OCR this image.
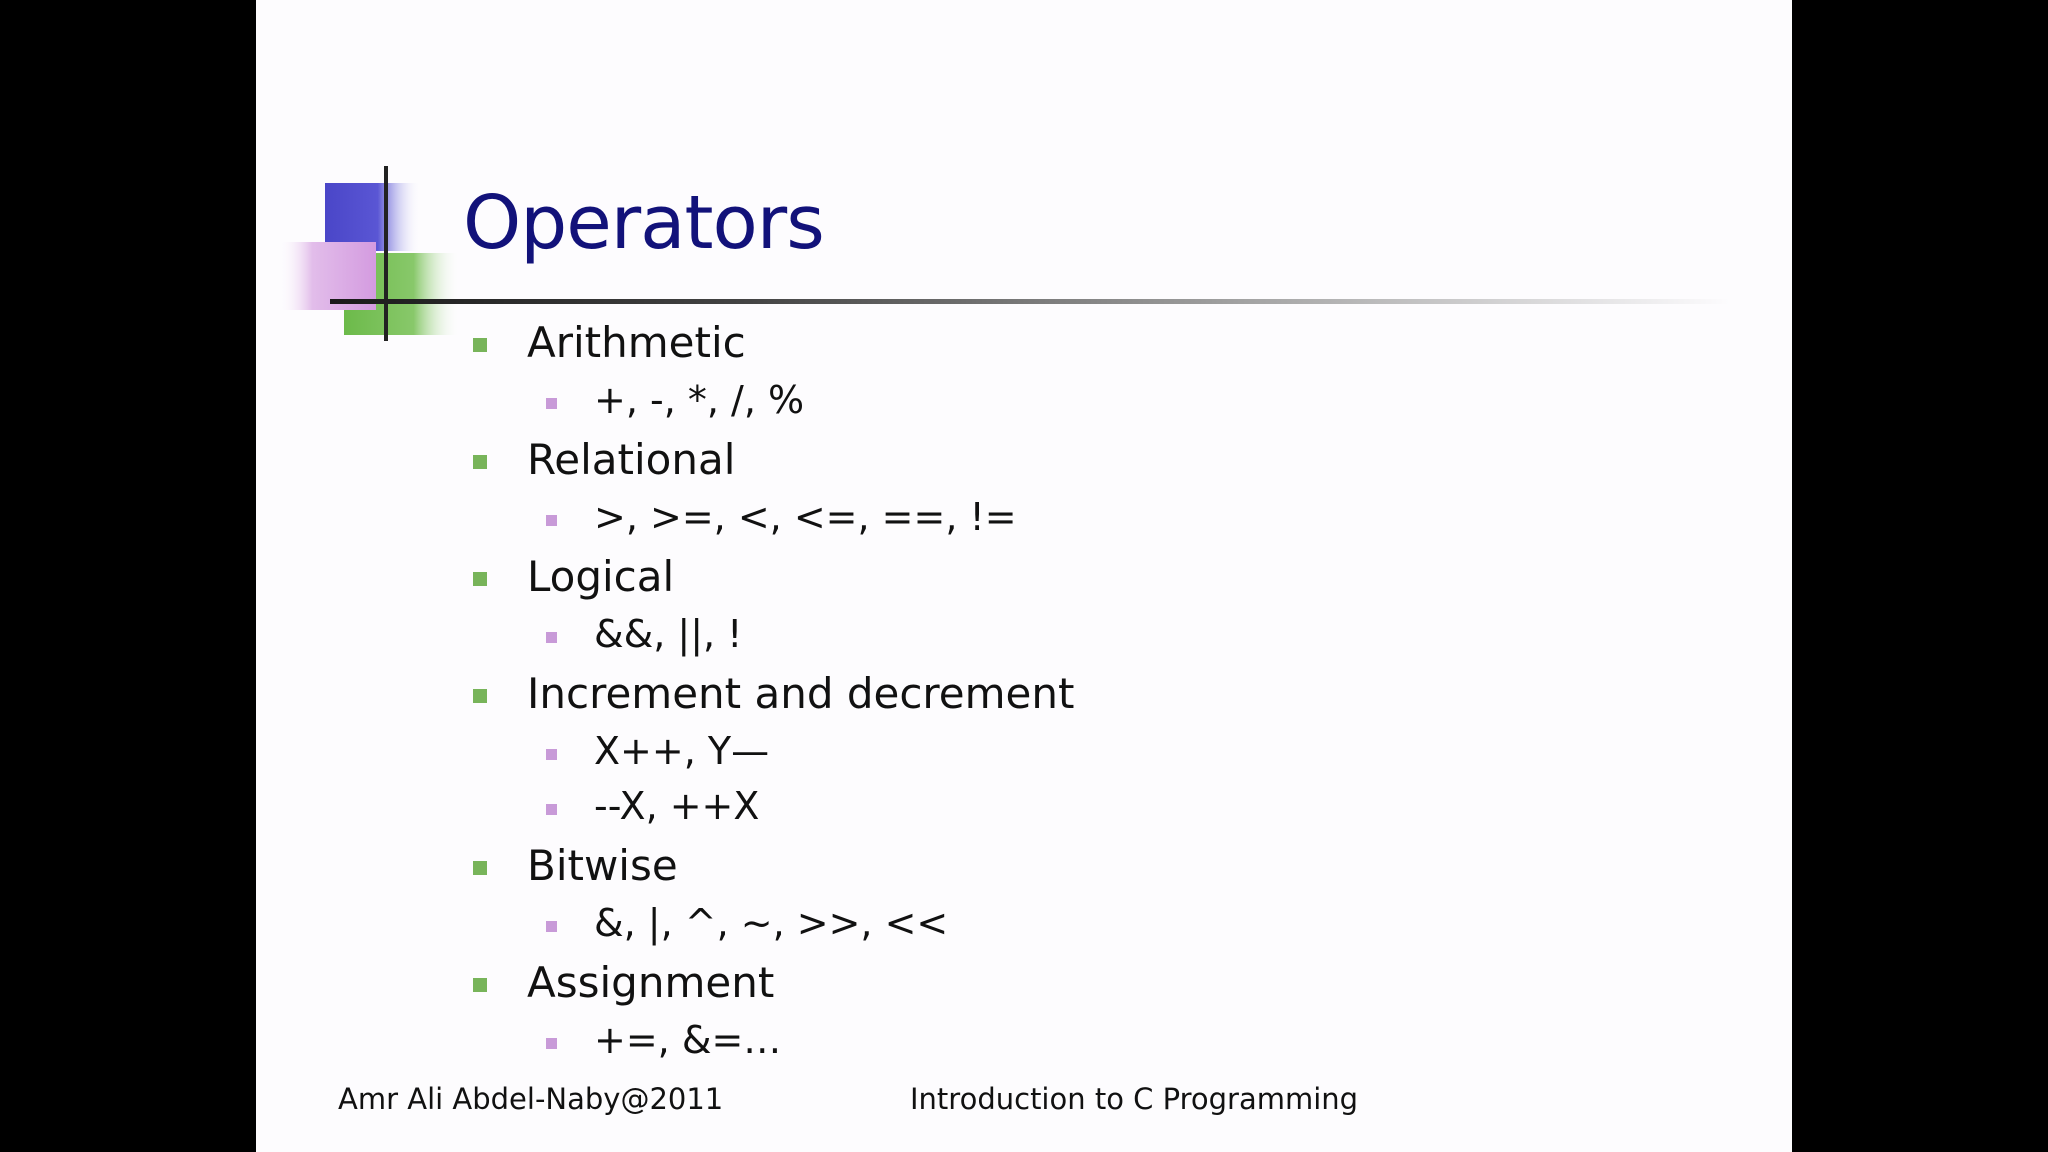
Operators
Arithmetic
+, -, *, /, %
Relational
>, >=, <, <=, ==, !=
Logical
&&, ||, !
Increment and decrement
X++, Y—
--X, ++X
Bitwise
&, |, ^, ~, >>, <<
Assignment
+=, &=…
Amr Ali Abdel-Naby@2011	Introduction to C Programming
